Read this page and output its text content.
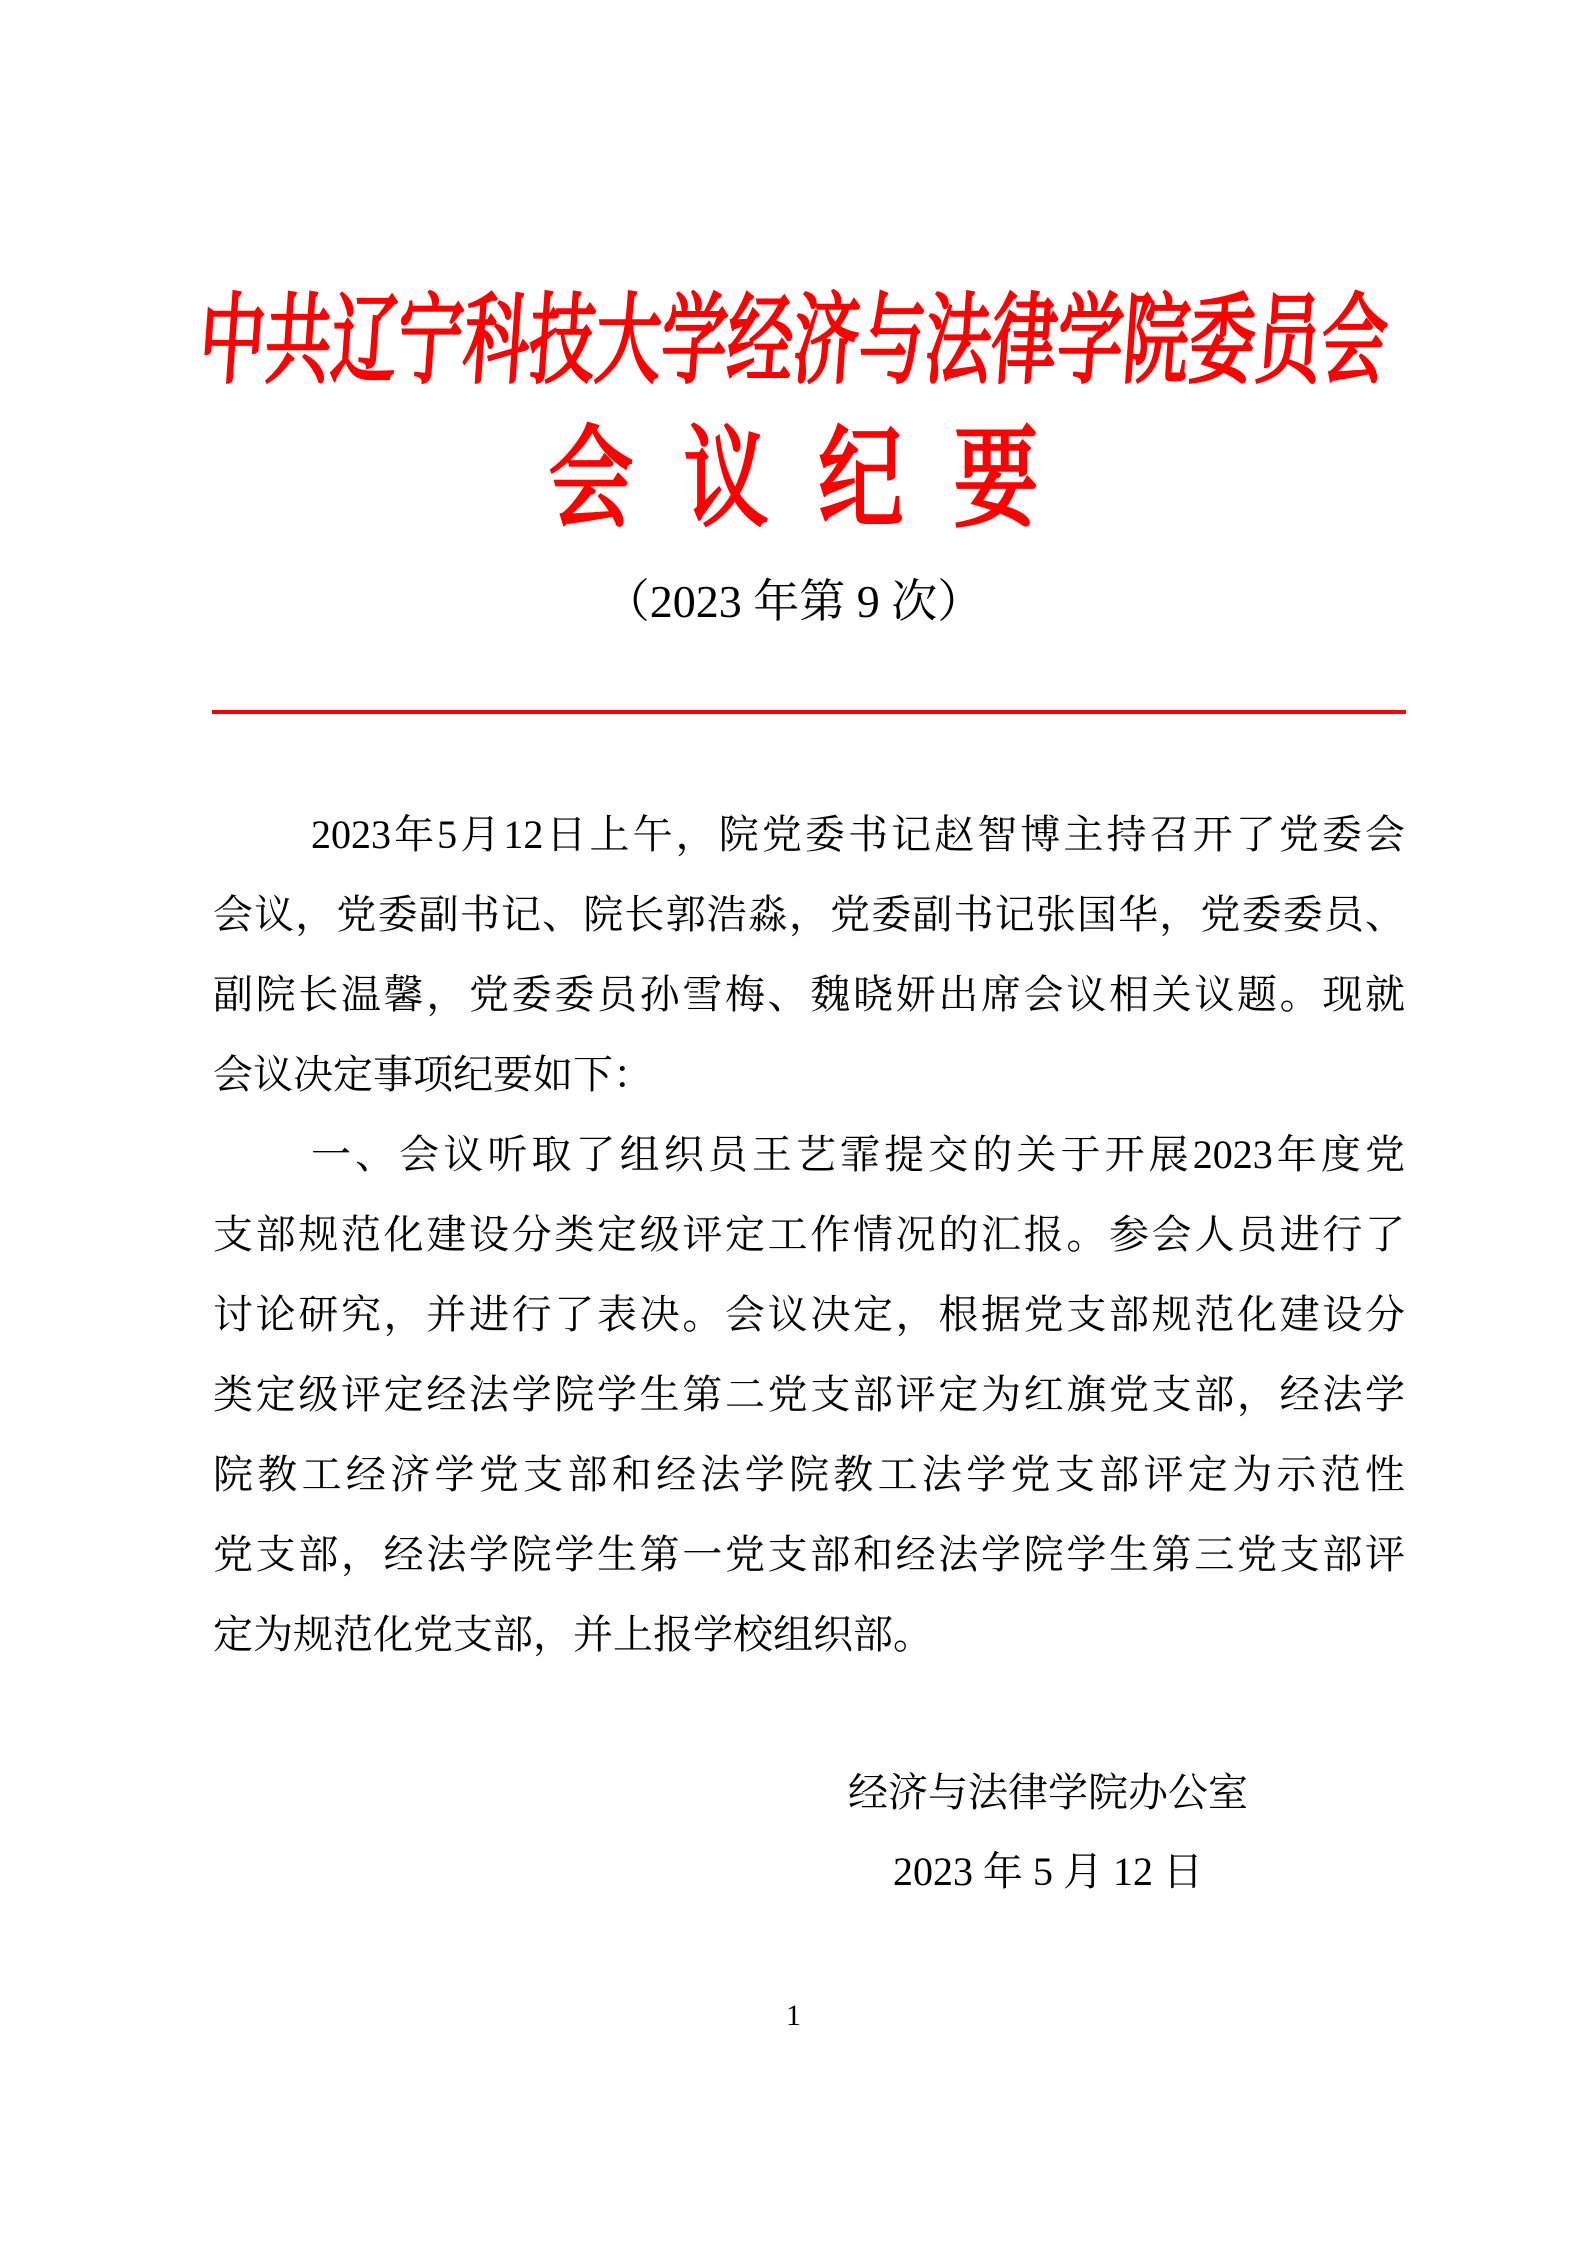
中共辽宁科技大学经济与法律学院委员会
会议纪要
（2023 年第 9 次）
2023年5月12日上午，院党委书记赵智博主持召开了党委会
会议，党委副书记、院长郭浩淼，党委副书记张国华，党委委员、
副院长温馨，党委委员孙雪梅、魏晓妍出席会议相关议题。现就
会议决定事项纪要如下：
一、会议听取了组织员王艺霏提交的关于开展2023年度党
支部规范化建设分类定级评定工作情况的汇报。参会人员进行了
讨论研究，并进行了表决。会议决定，根据党支部规范化建设分
类定级评定经法学院学生第二党支部评定为红旗党支部，经法学
院教工经济学党支部和经法学院教工法学党支部评定为示范性
党支部，经法学院学生第一党支部和经法学院学生第三党支部评
定为规范化党支部，并上报学校组织部。
经济与法律学院办公室
2023 年 5 月 12 日
1
